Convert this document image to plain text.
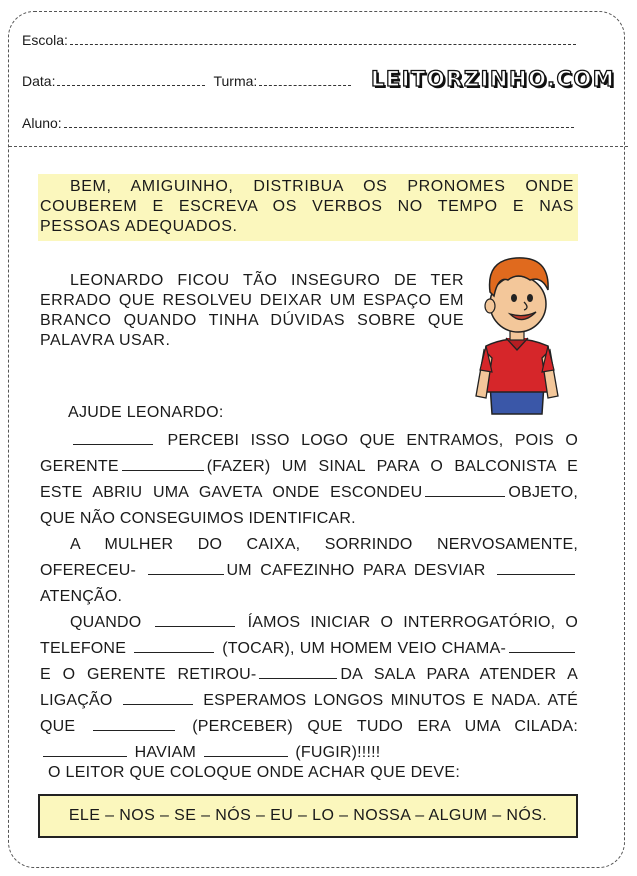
Escola:
Data:	Turma:	LEITORZINHO.COM
Aluno:
BEM, AMIGUINHO, DISTRIBUA OS PRONOMES ONDE COUBEREM E ESCREVA OS VERBOS NO TEMPO E NAS PESSOAS ADEQUADOS.
LEONARDO FICOU TÃO INSEGURO DE TER ERRADO QUE RESOLVEU DEIXAR UM ESPAÇO EM BRANCO QUANDO TINHA DÚVIDAS SOBRE QUE PALAVRA USAR.
AJUDE LEONARDO:

PERCEBI ISSO LOGO QUE ENTRAMOS, POIS O GERENTE	(FAZER) UM SINAL PARA O BALCONISTA E ESTE ABRIU UMA GAVETA ONDE ESCONDEU	OBJETO, QUE NÃO CONSEGUIMOS IDENTIFICAR.

A MULHER DO CAIXA, SORRINDO NERVOSAMENTE, OFERECEU-	UM CAFEZINHO PARA DESVIAR  ATENÇÃO.

QUANDO	ÍAMOS INICIAR O INTERROGATÓRIO, O TELEFONE	(TOCAR), UM HOMEM VEIO CHAMA- E O GERENTE RETIROU-	DA SALA PARA ATENDER A LIGAÇÃO	ESPERAMOS LONGOS MINUTOS E NADA. ATÉ QUE	(PERCEBER) QUE TUDO ERA UMA CILADA:  HAVIAM	(FUGIR)!!!!!

O LEITOR QUE COLOQUE ONDE ACHAR QUE DEVE:
ELE – NOS – SE – NÓS – EU – LO – NOSSA – ALGUM – NÓS.
